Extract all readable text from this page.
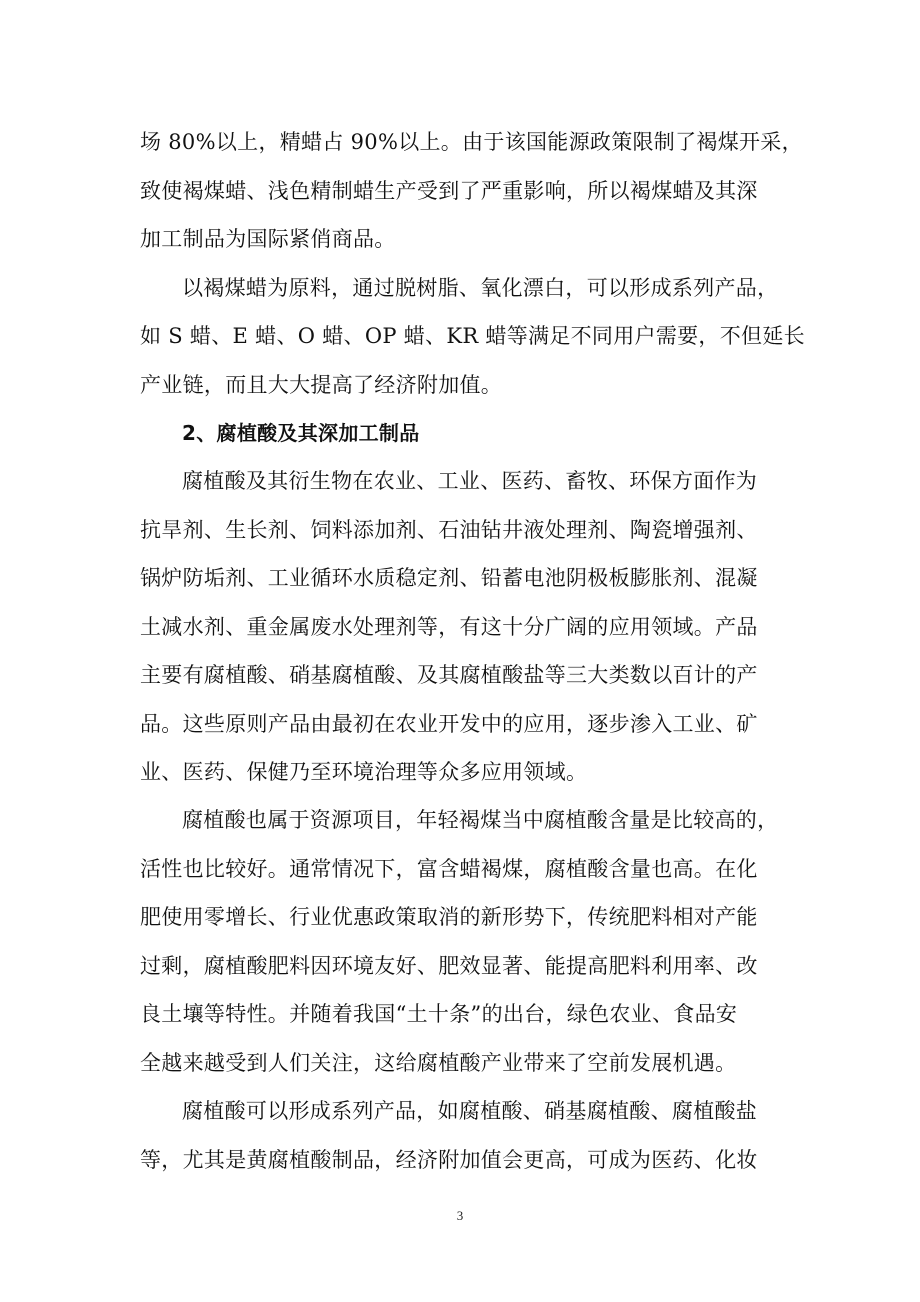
场 80%以上，精蜡占 90%以上。由于该国能源政策限制了褐煤开采，
致使褐煤蜡、浅色精制蜡生产受到了严重影响，所以褐煤蜡及其深
加工制品为国际紧俏商品。
以褐煤蜡为原料，通过脱树脂、氧化漂白，可以形成系列产品，
如 S 蜡、E 蜡、O 蜡、OP 蜡、KR 蜡等满足不同用户需要，不但延长
产业链，而且大大提高了经济附加值。
2、腐植酸及其深加工制品
腐植酸及其衍生物在农业、工业、医药、畜牧、环保方面作为
抗旱剂、生长剂、饲料添加剂、石油钻井液处理剂、陶瓷增强剂、
锅炉防垢剂、工业循环水质稳定剂、铅蓄电池阴极板膨胀剂、混凝
土减水剂、重金属废水处理剂等，有这十分广阔的应用领域。产品
主要有腐植酸、硝基腐植酸、及其腐植酸盐等三大类数以百计的产
品。这些原则产品由最初在农业开发中的应用，逐步渗入工业、矿
业、医药、保健乃至环境治理等众多应用领域。
腐植酸也属于资源项目，年轻褐煤当中腐植酸含量是比较高的，
活性也比较好。通常情况下，富含蜡褐煤，腐植酸含量也高。在化
肥使用零增长、行业优惠政策取消的新形势下，传统肥料相对产能
过剩，腐植酸肥料因环境友好、肥效显著、能提高肥料利用率、改
良土壤等特性。并随着我国“土十条”的出台，绿色农业、食品安
全越来越受到人们关注，这给腐植酸产业带来了空前发展机遇。
腐植酸可以形成系列产品，如腐植酸、硝基腐植酸、腐植酸盐
等，尤其是黄腐植酸制品，经济附加值会更高，可成为医药、化妆
3
